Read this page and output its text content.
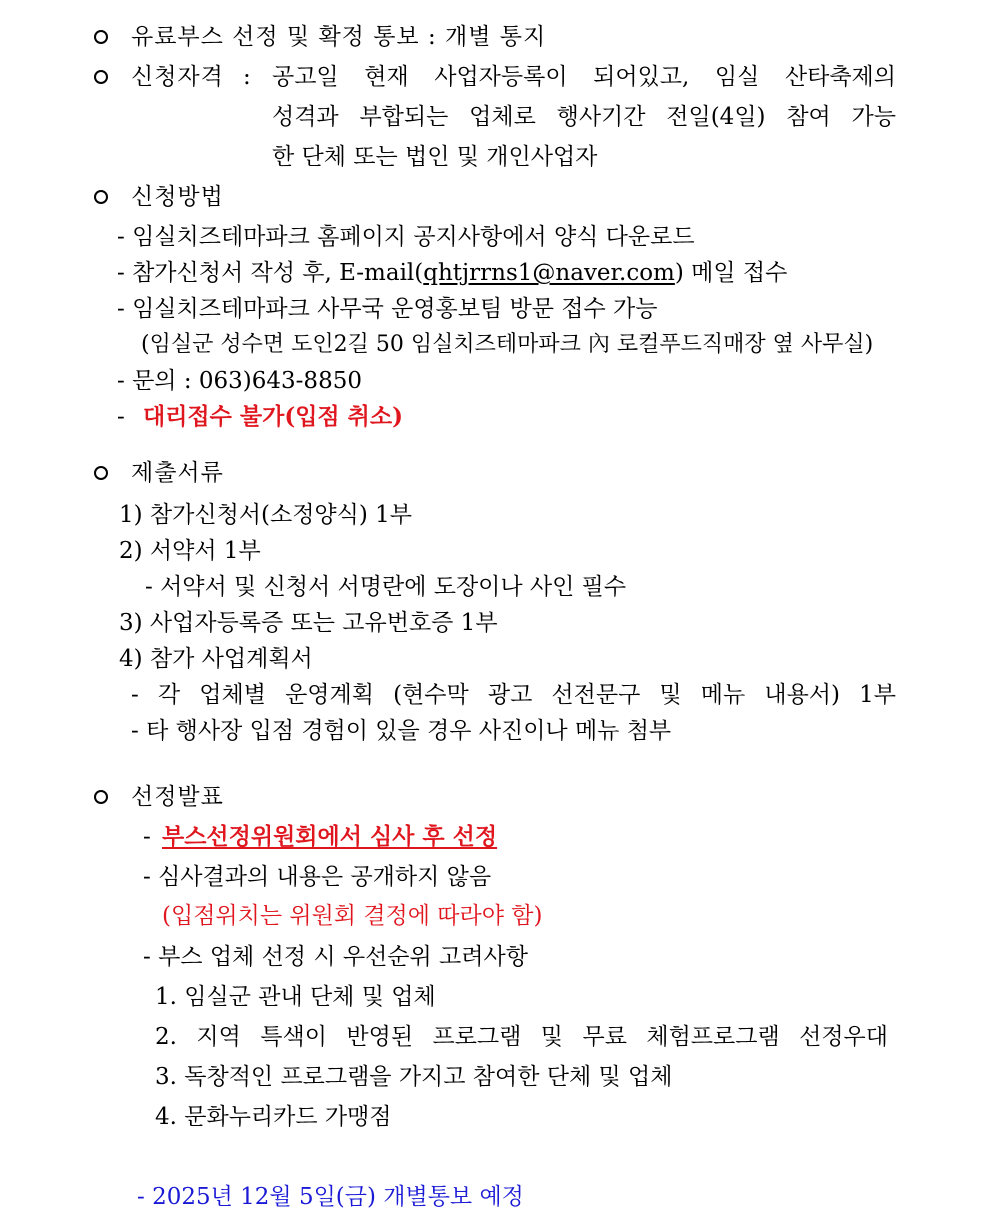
유료부스 선정 및 확정 통보 : 개별 통지
신청자격 : 공고일 현재 사업자등록이 되어있고, 임실 산타축제의
성격과 부합되는 업체로 행사기간 전일(4일) 참여 가능
한 단체 또는 법인 및 개인사업자
신청방법
- 임실치즈테마파크 홈페이지 공지사항에서 양식 다운로드
- 참가신청서 작성 후, E-mail(qhtjrrns1@naver.com) 메일 접수
- 임실치즈테마파크 사무국 운영홍보팀 방문 접수 가능
(임실군 성수면 도인2길 50 임실치즈테마파크 內 로컬푸드직매장 옆 사무실)
- 문의 : 063)643-8850
- 대리접수 불가(입점 취소)
제출서류
1) 참가신청서(소정양식) 1부
2) 서약서 1부
- 서약서 및 신청서 서명란에 도장이나 사인 필수
3) 사업자등록증 또는 고유번호증 1부
4) 참가 사업계획서
- 각 업체별 운영계획 (현수막 광고 선전문구 및 메뉴 내용서) 1부
- 타 행사장 입점 경험이 있을 경우 사진이나 메뉴 첨부
선정발표
- 부스선정위원회에서 심사 후 선정
- 심사결과의 내용은 공개하지 않음
(입점위치는 위원회 결정에 따라야 함)
- 부스 업체 선정 시 우선순위 고려사항
1. 임실군 관내 단체 및 업체
2. 지역 특색이 반영된 프로그램 및 무료 체험프로그램 선정우대
3. 독창적인 프로그램을 가지고 참여한 단체 및 업체
4. 문화누리카드 가맹점
- 2025년 12월 5일(금) 개별통보 예정
